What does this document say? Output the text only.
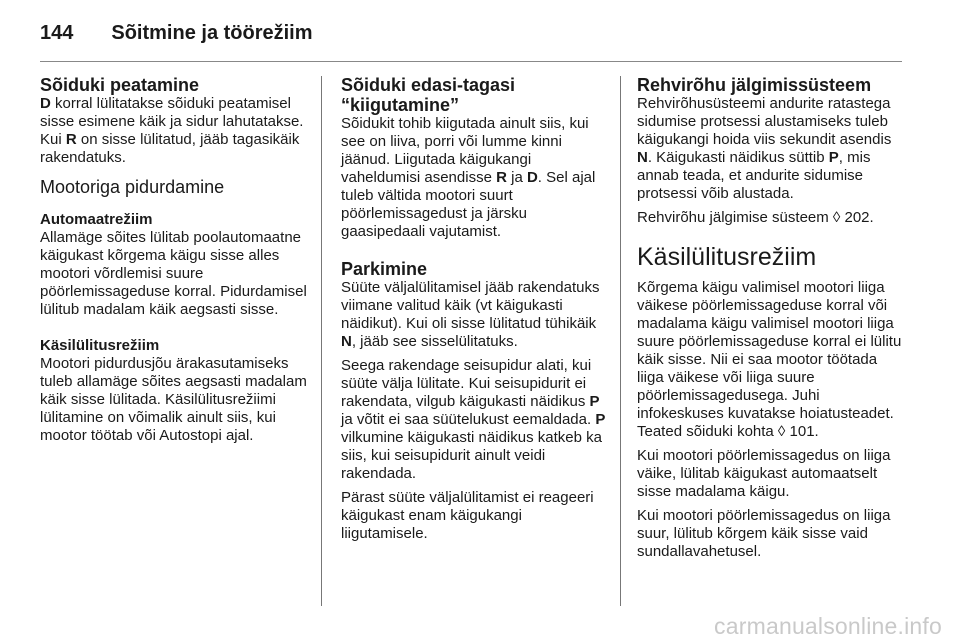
144 Sõitmine ja töörežiim
Sõiduki peatamine

D korral lülitatakse sõiduki peatamisel sisse esimene käik ja sidur lahutatakse. Kui R on sisse lülitatud, jääb tagasikäik rakendatuks.

Mootoriga pidurdamine
Automaatrežiim

Allamäge sõites lülitab poolautomaatne käigukast kõrgema käigu sisse alles mootori võrdlemisi suure pöörlemissageduse korral. Pidurdamisel lülitub madalam käik aegsasti sisse.

Käsilülitusrežiim

Mootori pidurdusjõu ärakasutamiseks tuleb allamäge sõites aegsasti madalam käik sisse lülitada. Käsilülitusrežiimi lülitamine on võimalik ainult siis, kui mootor töötab või Autostopi ajal.

Sõiduki edasi-tagasi “kiigutamine”

Sõidukit tohib kiigutada ainult siis, kui see on liiva, porri või lumme kinni jäänud. Liigutada käigukangi vaheldumisi asendisse R ja D. Sel ajal tuleb vältida mootori suurt pöörlemissagedust ja järsku gaasipedaali vajutamist.

Parkimine

Süüte väljalülitamisel jääb rakendatuks viimane valitud käik (vt käigukasti näidikut). Kui oli sisse lülitatud tühikäik N, jääb see sisselülitatuks.

Seega rakendage seisupidur alati, kui süüte välja lülitate. Kui seisupidurit ei rakendata, vilgub käigukasti näidikus P ja võtit ei saa süütelukust eemaldada. P vilkumine käigukasti näidikus katkeb ka siis, kui seisupidurit ainult veidi rakendada.

Pärast süüte väljalülitamist ei reageeri käigukast enam käigukangi liigutamisele.

Rehvirõhu jälgimissüsteem

Rehvirõhusüsteemi andurite ratastega sidumise protsessi alustamiseks tuleb käigukangi hoida viis sekundit asendis N. Käigukasti näidikus süttib P, mis annab teada, et andurite sidumise protsessi võib alustada.

Rehvirõhu jälgimise süsteem ◊ 202.

Käsilülitusrežiim

Kõrgema käigu valimisel mootori liiga väikese pöörlemissageduse korral või madalama käigu valimisel mootori liiga suure pöörlemissageduse korral ei lülitu käik sisse. Nii ei saa mootor töötada liiga väikese või liiga suure pöörlemissagedusega. Juhi infokeskuses kuvatakse hoiatusteadet. Teated sõiduki kohta ◊ 101.

Kui mootori pöörlemissagedus on liiga väike, lülitab käigukast automaatselt sisse madalama käigu.

Kui mootori pöörlemissagedus on liiga suur, lülitub kõrgem käik sisse vaid sundallavahetusel.

carmanualsonline.info
